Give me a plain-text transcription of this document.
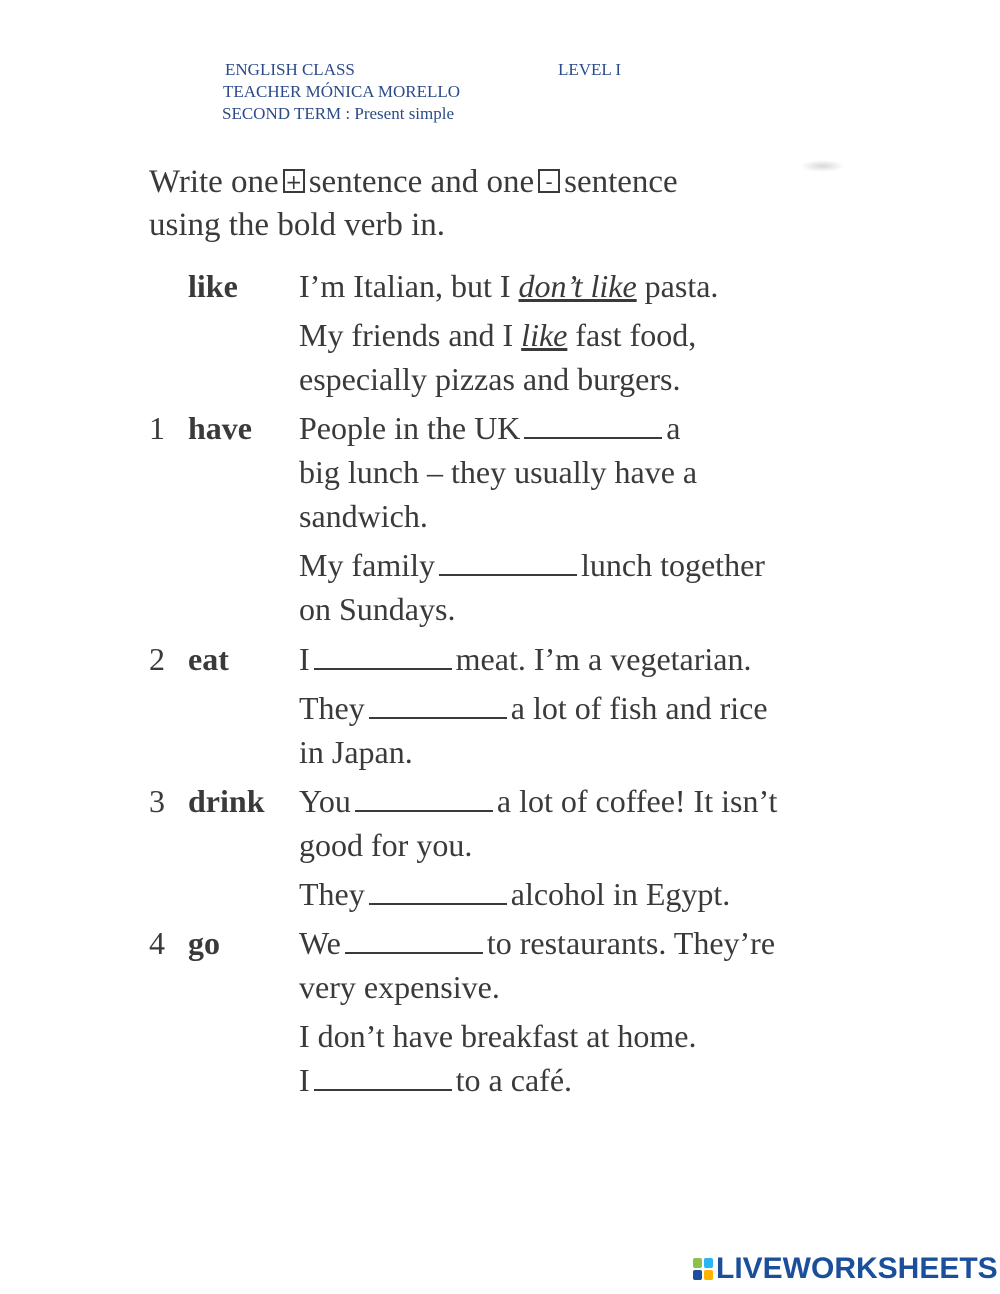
ENGLISH CLASS	LEVEL I
TEACHER MÓNICA MORELLO
SECOND TERM : Present simple
Write one + sentence and one - sentence
using the bold verb in.
like I’m Italian, but I don’t like pasta.
My friends and I like fast food,
especially pizzas and burgers.
1 have People in the UK	a
big lunch – they usually have a
sandwich.
My family	lunch together
on Sundays.
2 eat I	meat. I’m a vegetarian.
They	a lot of fish and rice
in Japan.
3 drink You	a lot of coffee! It isn’t
good for you.
They	alcohol in Egypt.
4 go We	to restaurants. They’re
very expensive.
I don’t have breakfast at home.
I	to a café.
LIVEWORKSHEETS
